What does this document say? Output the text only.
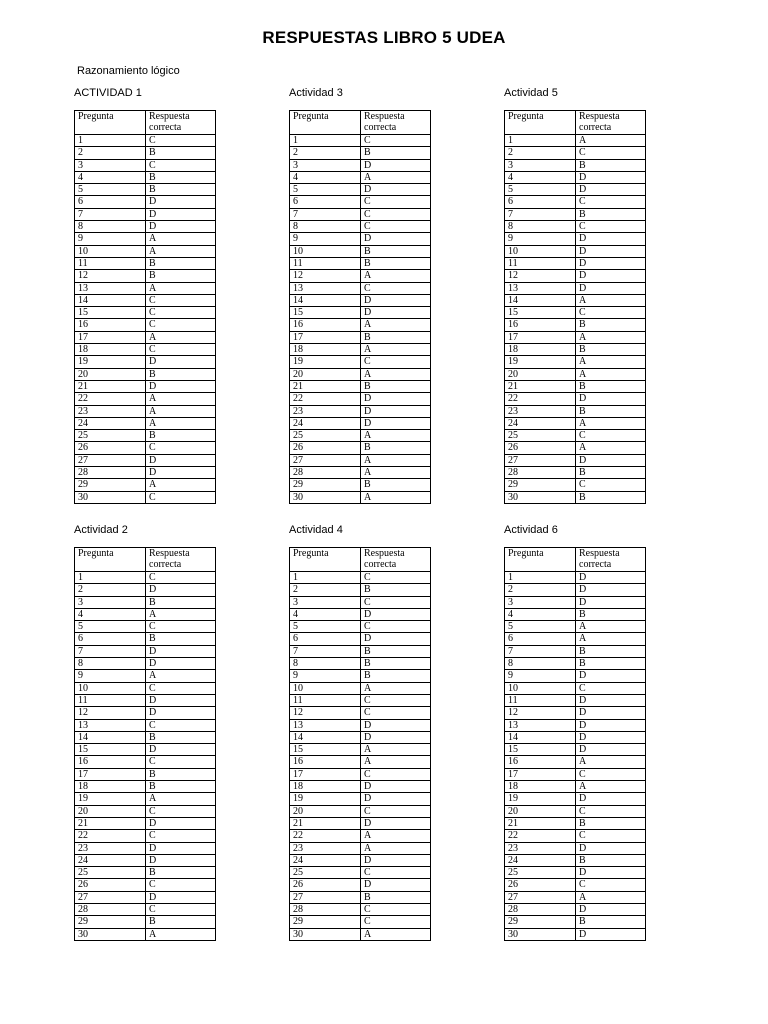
RESPUESTAS LIBRO 5 UDEA
Razonamiento lógico
ACTIVIDAD 1
Pregunta	Respuesta correcta
1	C
2	B
3	C
4	B
5	B
6	D
7	D
8	D
9	A
10	A
11	B
12	B
13	A
14	C
15	C
16	C
17	A
18	C
19	D
20	B
21	D
22	A
23	A
24	A
25	B
26	C
27	D
28	D
29	A
30	C
Actividad 3
Pregunta	Respuesta correcta
1	C
2	B
3	D
4	A
5	D
6	C
7	C
8	C
9	D
10	B
11	B
12	A
13	C
14	D
15	D
16	A
17	B
18	A
19	C
20	A
21	B
22	D
23	D
24	D
25	A
26	B
27	A
28	A
29	B
30	A
Actividad 5
Pregunta	Respuesta correcta
1	A
2	C
3	B
4	D
5	D
6	C
7	B
8	C
9	D
10	D
11	D
12	D
13	D
14	A
15	C
16	B
17	A
18	B
19	A
20	A
21	B
22	D
23	B
24	A
25	C
26	A
27	D
28	B
29	C
30	B
Actividad 2
Pregunta	Respuesta correcta
1	C
2	D
3	B
4	A
5	C
6	B
7	D
8	D
9	A
10	C
11	D
12	D
13	C
14	B
15	D
16	C
17	B
18	B
19	A
20	C
21	D
22	C
23	D
24	D
25	B
26	C
27	D
28	C
29	B
30	A
Actividad 4
Pregunta	Respuesta correcta
1	C
2	B
3	C
4	D
5	C
6	D
7	B
8	B
9	B
10	A
11	C
12	C
13	D
14	D
15	A
16	A
17	C
18	D
19	D
20	C
21	D
22	A
23	A
24	D
25	C
26	D
27	B
28	C
29	C
30	A
Actividad 6
Pregunta	Respuesta correcta
1	D
2	D
3	D
4	B
5	A
6	A
7	B
8	B
9	D
10	C
11	D
12	D
13	D
14	D
15	D
16	A
17	C
18	A
19	D
20	C
21	B
22	C
23	D
24	B
25	D
26	C
27	A
28	D
29	B
30	D
